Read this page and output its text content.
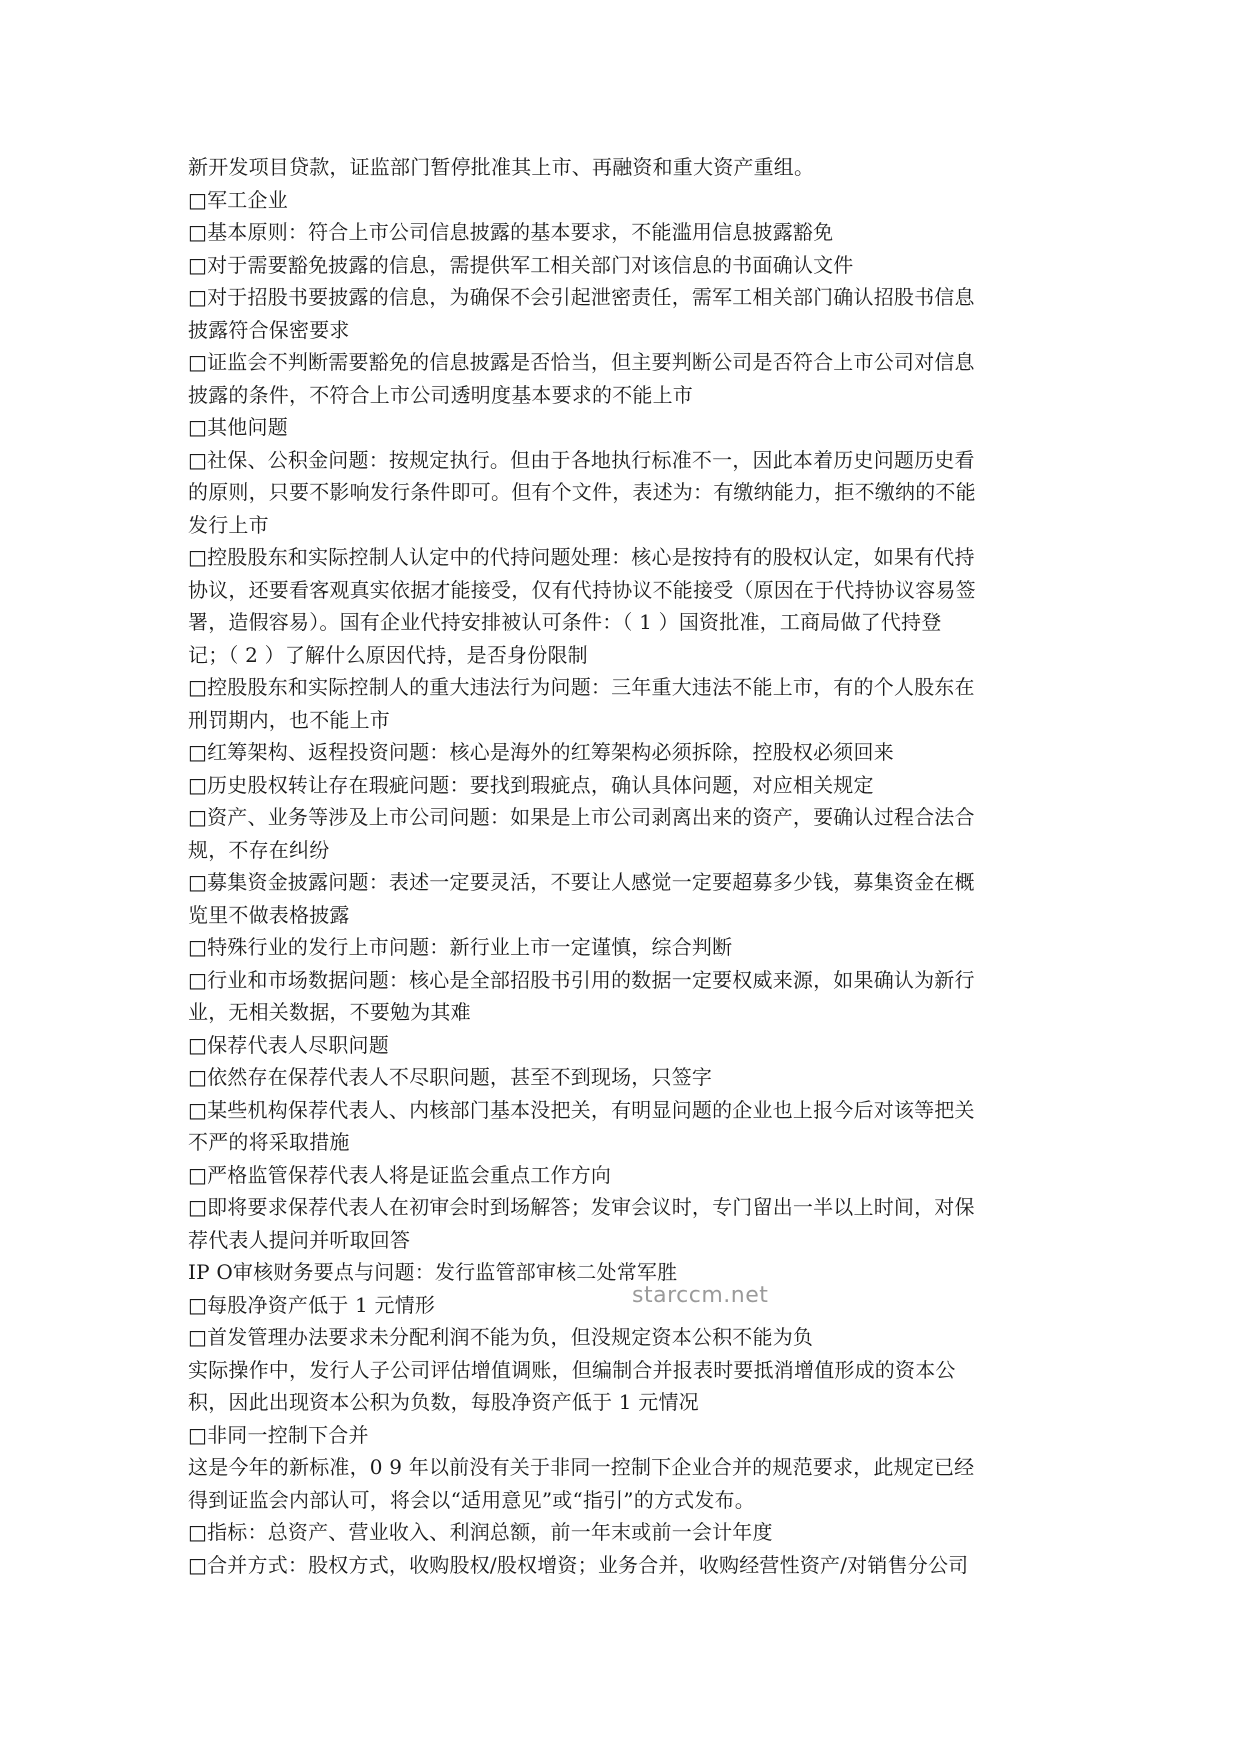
新开发项目贷款，证监部门暂停批准其上市、再融资和重大资产重组。
□军工企业
□基本原则：符合上市公司信息披露的基本要求，不能滥用信息披露豁免
□对于需要豁免披露的信息，需提供军工相关部门对该信息的书面确认文件
□对于招股书要披露的信息，为确保不会引起泄密责任，需军工相关部门确认招股书信息
披露符合保密要求
□证监会不判断需要豁免的信息披露是否恰当，但主要判断公司是否符合上市公司对信息
披露的条件，不符合上市公司透明度基本要求的不能上市
□其他问题
□社保、公积金问题：按规定执行。但由于各地执行标准不一，因此本着历史问题历史看
的原则，只要不影响发行条件即可。但有个文件，表述为：有缴纳能力，拒不缴纳的不能
发行上市
□控股股东和实际控制人认定中的代持问题处理：核心是按持有的股权认定，如果有代持
协议，还要看客观真实依据才能接受，仅有代持协议不能接受（原因在于代持协议容易签
署，造假容易）。国有企业代持安排被认可条件：（ 1 ）国资批准，工商局做了代持登
记；（ 2 ）了解什么原因代持，是否身份限制
□控股股东和实际控制人的重大违法行为问题：三年重大违法不能上市，有的个人股东在
刑罚期内，也不能上市
□红筹架构、返程投资问题：核心是海外的红筹架构必须拆除，控股权必须回来
□历史股权转让存在瑕疵问题：要找到瑕疵点，确认具体问题，对应相关规定
□资产、业务等涉及上市公司问题：如果是上市公司剥离出来的资产，要确认过程合法合
规，不存在纠纷
□募集资金披露问题：表述一定要灵活，不要让人感觉一定要超募多少钱，募集资金在概
览里不做表格披露
□特殊行业的发行上市问题：新行业上市一定谨慎，综合判断
□行业和市场数据问题：核心是全部招股书引用的数据一定要权威来源，如果确认为新行
业，无相关数据，不要勉为其难
□保荐代表人尽职问题
□依然存在保荐代表人不尽职问题，甚至不到现场，只签字
□某些机构保荐代表人、内核部门基本没把关，有明显问题的企业也上报今后对该等把关
不严的将采取措施
□严格监管保荐代表人将是证监会重点工作方向
□即将要求保荐代表人在初审会时到场解答；发审会议时，专门留出一半以上时间，对保
荐代表人提问并听取回答
IP O审核财务要点与问题：发行监管部审核二处常军胜
□每股净资产低于 1 元情形
□首发管理办法要求未分配利润不能为负，但没规定资本公积不能为负
实际操作中，发行人子公司评估增值调账，但编制合并报表时要抵消增值形成的资本公
积，因此出现资本公积为负数，每股净资产低于 1 元情况
□非同一控制下合并
这是今年的新标准，0 9 年以前没有关于非同一控制下企业合并的规范要求，此规定已经
得到证监会内部认可，将会以“适用意见”或“指引”的方式发布。
□指标：总资产、营业收入、利润总额，前一年末或前一会计年度
□合并方式：股权方式，收购股权/股权增资；业务合并，收购经营性资产/对销售分公司
starccm.net
